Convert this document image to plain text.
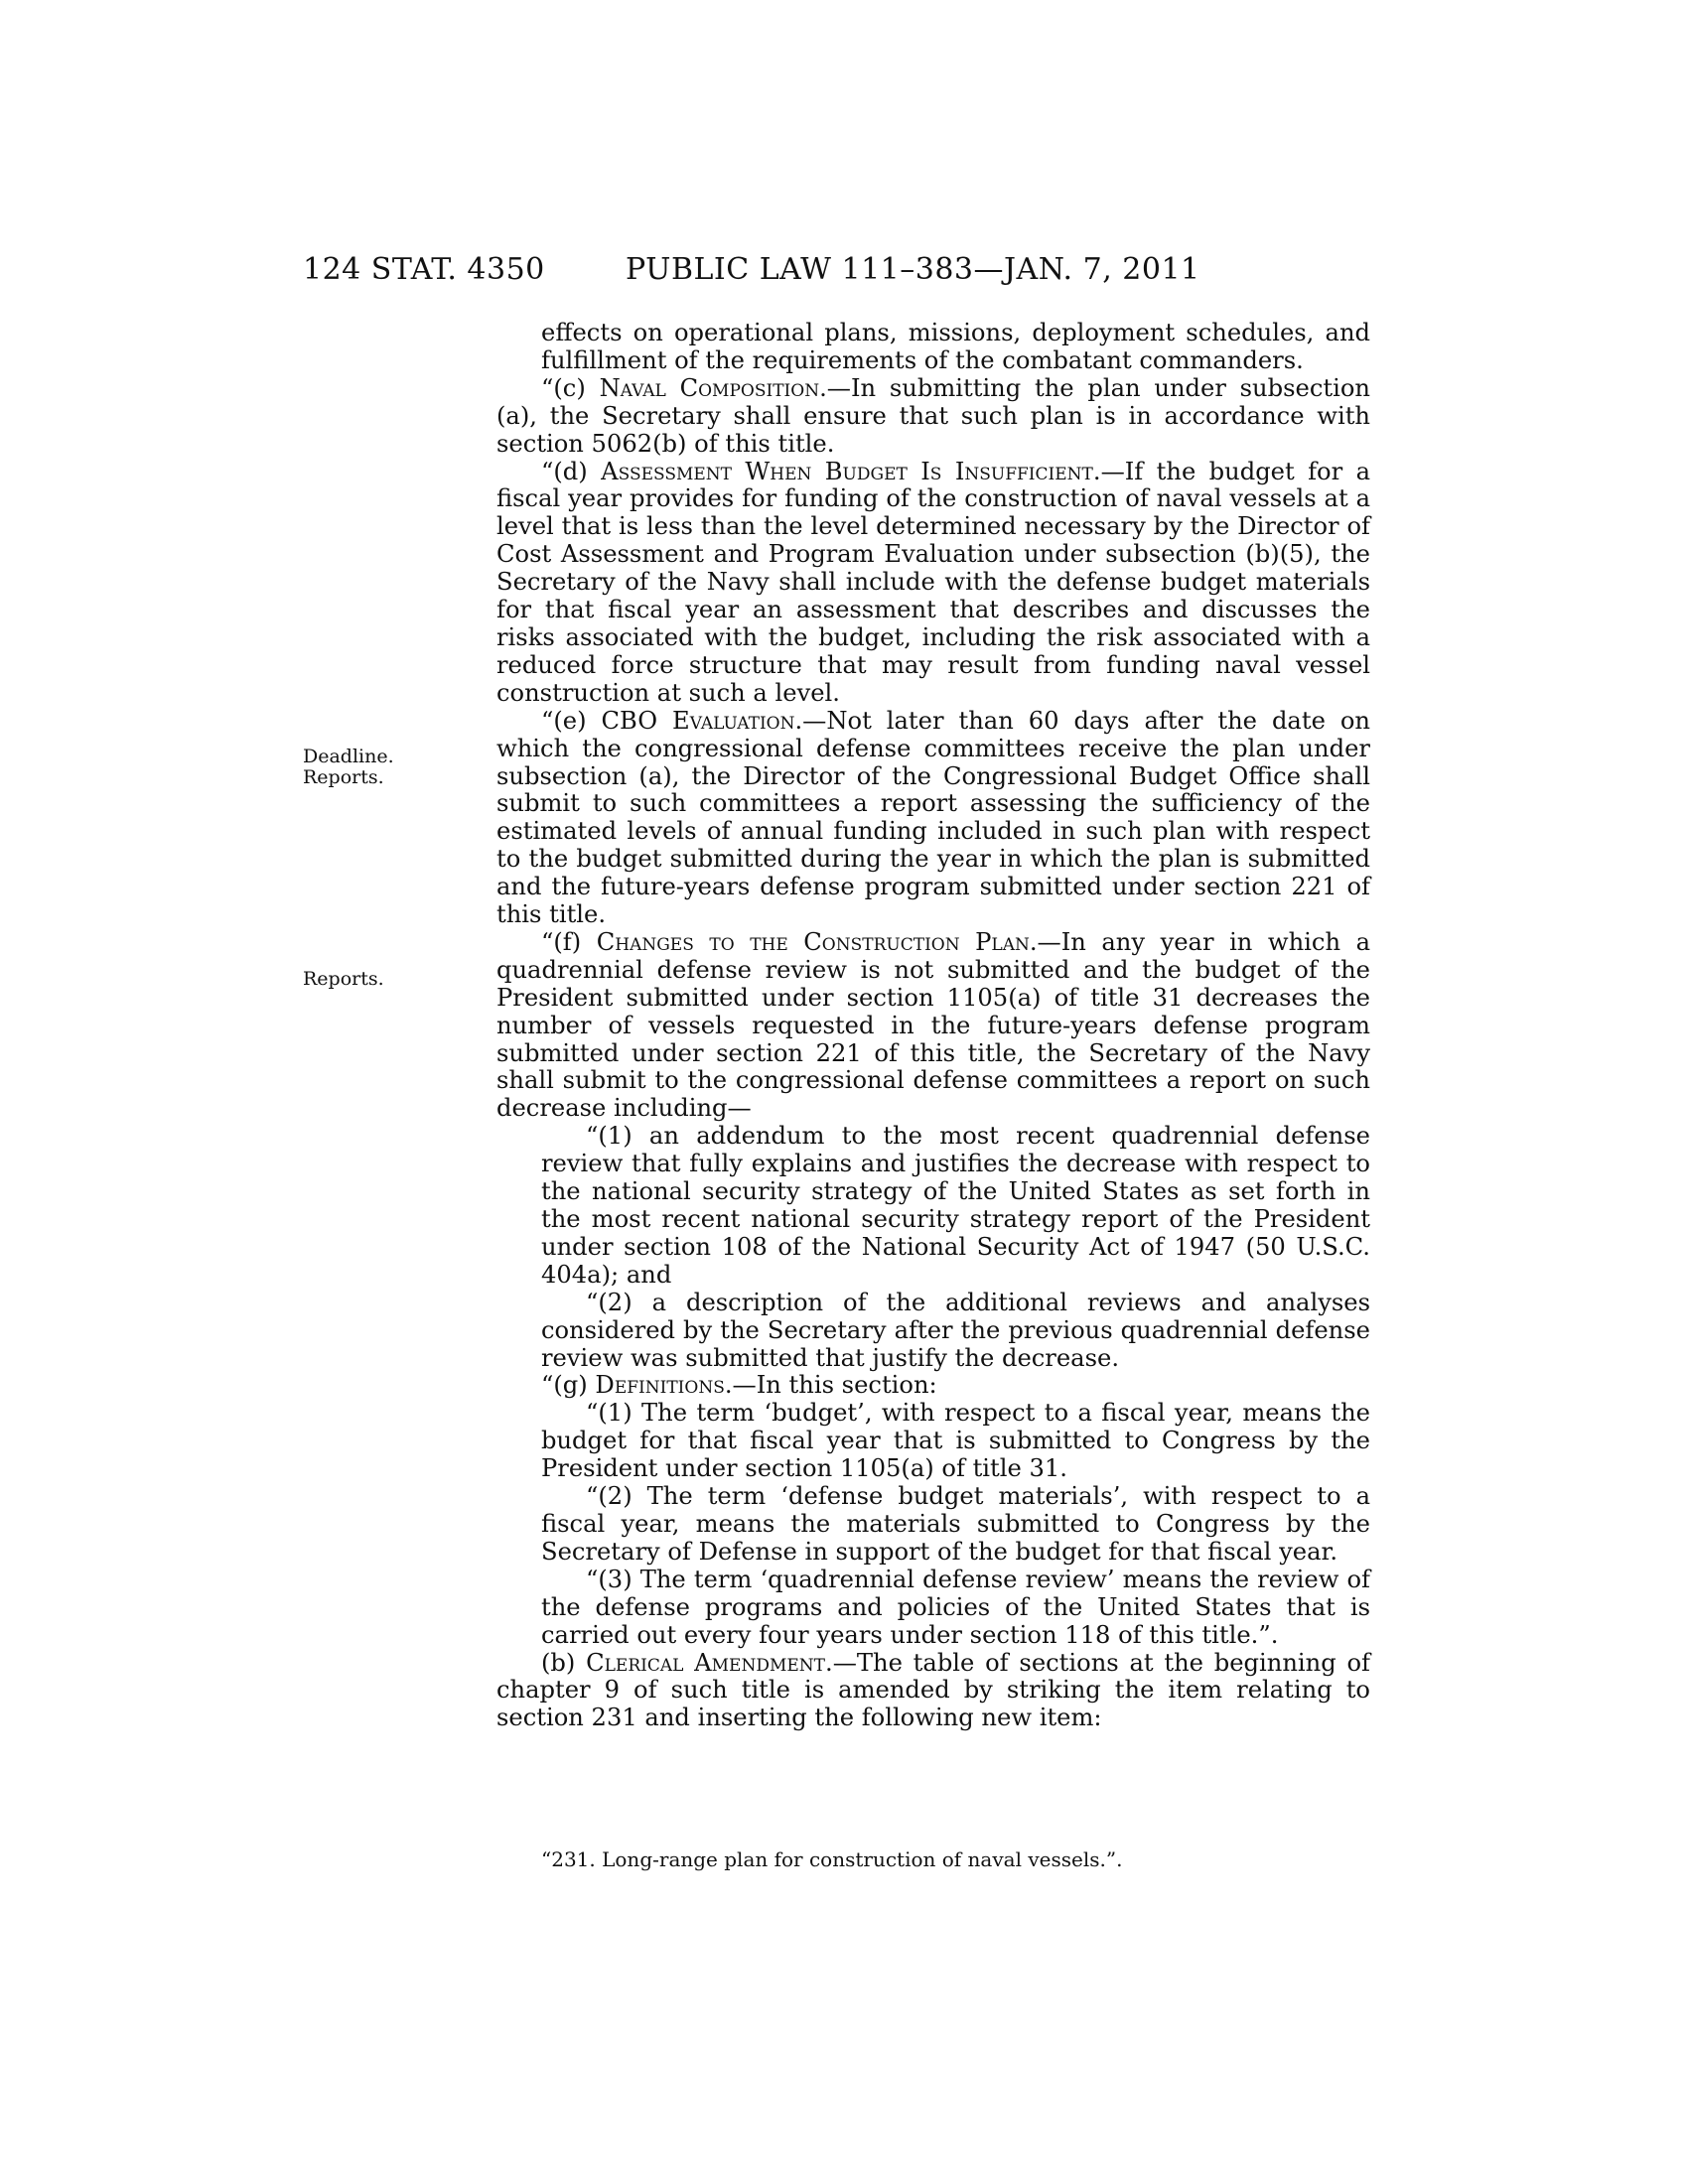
124 STAT. 4350	PUBLIC LAW 111–383—JAN. 7, 2011
Deadline.
Reports.
Reports.

effects on operational plans, missions, deployment schedules, and fulfillment of the requirements of the combatant commanders.

“(c) Naval Composition.—In submitting the plan under subsection (a), the Secretary shall ensure that such plan is in accordance with section 5062(b) of this title.

“(d) Assessment When Budget Is Insufficient.—If the budget for a fiscal year provides for funding of the construction of naval vessels at a level that is less than the level determined necessary by the Director of Cost Assessment and Program Evaluation under subsection (b)(5), the Secretary of the Navy shall include with the defense budget materials for that fiscal year an assessment that describes and discusses the risks associated with the budget, including the risk associated with a reduced force structure that may result from funding naval vessel construction at such a level.

“(e) CBO Evaluation.—Not later than 60 days after the date on which the congressional defense committees receive the plan under subsection (a), the Director of the Congressional Budget Office shall submit to such committees a report assessing the sufficiency of the estimated levels of annual funding included in such plan with respect to the budget submitted during the year in which the plan is submitted and the future-years defense program submitted under section 221 of this title.

“(f) Changes to the Construction Plan.—In any year in which a quadrennial defense review is not submitted and the budget of the President submitted under section 1105(a) of title 31 decreases the number of vessels requested in the future-years defense program submitted under section 221 of this title, the Secretary of the Navy shall submit to the congressional defense committees a report on such decrease including—

“(1) an addendum to the most recent quadrennial defense review that fully explains and justifies the decrease with respect to the national security strategy of the United States as set forth in the most recent national security strategy report of the President under section 108 of the National Security Act of 1947 (50 U.S.C. 404a); and

“(2) a description of the additional reviews and analyses considered by the Secretary after the previous quadrennial defense review was submitted that justify the decrease.

“(g) Definitions.—In this section:

“(1) The term ‘budget’, with respect to a fiscal year, means the budget for that fiscal year that is submitted to Congress by the President under section 1105(a) of title 31.

“(2) The term ‘defense budget materials’, with respect to a fiscal year, means the materials submitted to Congress by the Secretary of Defense in support of the budget for that fiscal year.

“(3) The term ‘quadrennial defense review’ means the review of the defense programs and policies of the United States that is carried out every four years under section 118 of this title.”.

(b) Clerical Amendment.—The table of sections at the beginning of chapter 9 of such title is amended by striking the item relating to section 231 and inserting the following new item:

“231. Long-range plan for construction of naval vessels.”.
